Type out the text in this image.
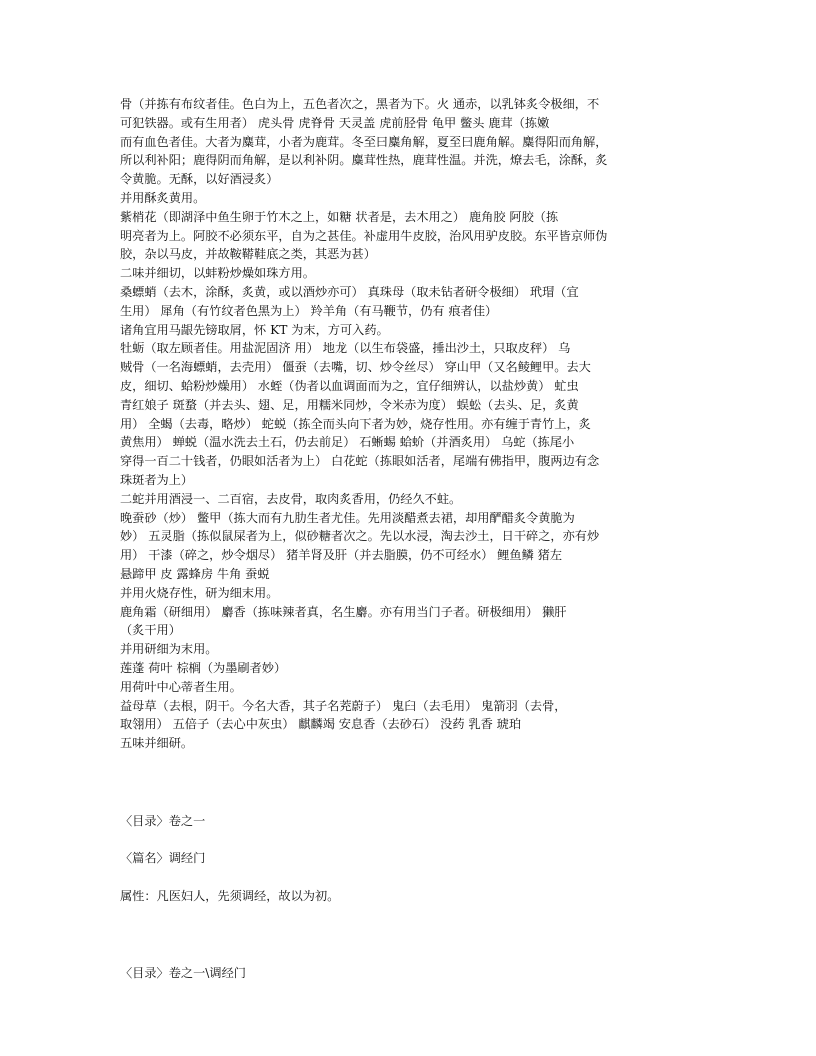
骨（并拣有布纹者佳。色白为上，五色者次之，黑者为下。火 通赤，以乳钵炙令极细，不
可犯铁器。或有生用者） 虎头骨 虎脊骨 天灵盖 虎前胫骨 龟甲 鳖头 鹿茸（拣嫩
而有血色者佳。大者为麋茸，小者为鹿茸。冬至曰麋角解，夏至曰鹿角解。麋得阳而角解，
所以利补阳；鹿得阴而角解，是以利补阴。麋茸性热，鹿茸性温。并洗，燎去毛，涂酥，炙
令黄脆。无酥，以好酒浸炙）
并用酥炙黄用。
紫梢花（即湖泽中鱼生卵于竹木之上，如糖 状者是，去木用之） 鹿角胶 阿胶（拣
明亮者为上。阿胶不必须东平，自为之甚佳。补虚用牛皮胶，治风用驴皮胶。东平皆京师伪
胶，杂以马皮，并故鞍鞯鞋底之类，其恶为甚）
二味并细切，以蚌粉炒燥如珠方用。
桑螵蛸（去木，涂酥，炙黄，或以酒炒亦可） 真珠母（取未钻者研令极细） 玳瑁（宜
生用） 犀角（有竹纹者色黑为上） 羚羊角（有马鞭节，仍有 痕者佳）
诸角宜用马龈先镑取屑，怀 KT 为末，方可入药。
牡蛎（取左顾者佳。用盐泥固济 用） 地龙（以生布袋盛，捶出沙土，只取皮秤） 乌
贼骨（一名海螵蛸，去壳用） 僵蚕（去嘴，切、炒令丝尽） 穿山甲（又名鲮鲤甲。去大
皮，细切、蛤粉炒燥用） 水蛭（伪者以血调面而为之，宜仔细辨认，以盐炒黄） 虻虫
青红娘子 斑蝥（并去头、翅、足，用糯米同炒，令米赤为度） 蜈蚣（去头、足，炙黄
用） 全蝎（去毒，略炒） 蛇蜕（拣全而头向下者为妙，烧存性用。亦有缠于青竹上，炙
黄焦用） 蝉蜕（温水洗去土石，仍去前足） 石蜥蜴 蛤蚧（并酒炙用） 乌蛇（拣尾小
穿得一百二十钱者，仍眼如活者为上） 白花蛇（拣眼如活者，尾端有佛指甲，腹两边有念
珠斑者为上）
二蛇并用酒浸一、二百宿，去皮骨，取肉炙香用，仍经久不蛀。
晚蚕砂（炒） 鳖甲（拣大而有九肋生者尤佳。先用淡醋煮去裙，却用酽醋炙令黄脆为
妙） 五灵脂（拣似鼠屎者为上，似砂糖者次之。先以水浸，淘去沙土，日干碎之，亦有炒
用） 干漆（碎之，炒令烟尽） 猪羊肾及肝（并去脂膜，仍不可经水） 鲤鱼鳞 猪左
悬蹄甲 皮 露蜂房 牛角 蚕蜕
并用火烧存性，研为细末用。
鹿角霜（研细用） 麝香（拣味辣者真，名生麝。亦有用当门子者。研极细用） 獭肝
（炙干用）
并用研细为末用。
莲蓬 荷叶 棕榈（为墨刷者妙）
用荷叶中心蒂者生用。
益母草（去根，阴干。今名大香，其子名茺蔚子） 鬼臼（去毛用） 鬼箭羽（去骨，
取翎用） 五倍子（去心中灰虫） 麒麟竭 安息香（去砂石） 没药 乳香 琥珀
五味并细研。
〈目录〉卷之一
〈篇名〉调经门
属性：凡医妇人，先须调经，故以为初。
〈目录〉卷之一\调经门
